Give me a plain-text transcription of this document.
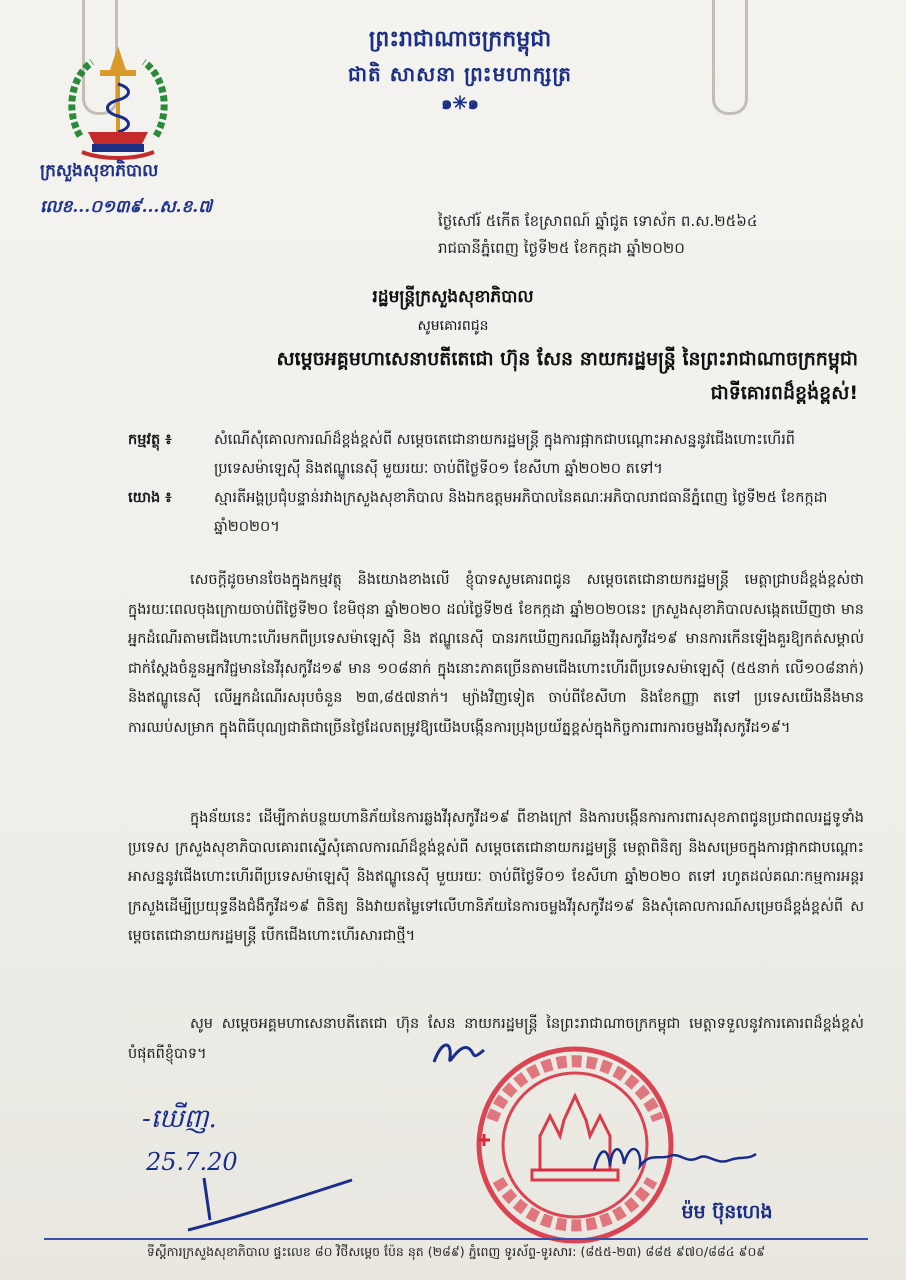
ក្រសួងសុខាភិបាល
លេខ...០១៣៩...ស.ខ.៧
ព្រះរាជាណាចក្រកម្ពុជា
ជាតិ សាសនា ព្រះមហាក្សត្រ
๑✳๑
ថ្ងៃសៅរ៍ ៥កើត ខែស្រាពណ៍ ឆ្នាំជូត ទោស័ក ព.ស.២៥៦៤
រាជធានីភ្នំពេញ ថ្ងៃទី២៥ ខែកក្កដា ឆ្នាំ២០២០
រដ្ឋមន្ត្រីក្រសួងសុខាភិបាល
សូមគោរពជូន
សម្តេចអគ្គមហាសេនាបតីតេជោ ហ៊ុន សែន នាយករដ្ឋមន្ត្រី នៃព្រះរាជាណាចក្រកម្ពុជា
ជាទីគោរពដ៏ខ្ពង់ខ្ពស់!
កម្មវត្ថុ ៖	សំណើសុំគោលការណ៍ដ៏ខ្ពង់ខ្ពស់ពី សម្តេចតេជោនាយករដ្ឋមន្ត្រី ក្នុងការផ្អាកជាបណ្តោះអាសន្ននូវជើងហោះហើរពីប្រទេសម៉ាឡេស៊ី និងឥណ្ឌូនេស៊ី មួយរយៈ ចាប់ពីថ្ងៃទី០១ ខែសីហា ឆ្នាំ២០២០ តទៅ។
យោង ៖	ស្មារតីអង្គប្រជុំបន្ទាន់រវាងក្រសួងសុខាភិបាល និងឯកឧត្តមអភិបាលនៃគណៈអភិបាលរាជធានីភ្នំពេញ ថ្ងៃទី២៥ ខែកក្កដា ឆ្នាំ២០២០។
សេចក្តីដូចមានចែងក្នុងកម្មវត្ថុ និងយោងខាងលើ ខ្ញុំបាទសូមគោរពជូន សម្តេចតេជោនាយករដ្ឋមន្ត្រី មេត្តាជ្រាបដ៏ខ្ពង់ខ្ពស់ថា ក្នុងរយៈពេលចុងក្រោយចាប់ពីថ្ងៃទី២០ ខែមិថុនា ឆ្នាំ២០២០ ដល់ថ្ងៃទី២៥ ខែកក្កដា ឆ្នាំ២០២០នេះ ក្រសួងសុខាភិបាលសង្កេតឃើញថា មានអ្នកដំណើរតាមជើងហោះហើរមកពីប្រទេសម៉ាឡេស៊ី និង ឥណ្ឌូនេស៊ី បានរកឃើញករណីឆ្លងវីរុសកូវីដ១៩ មានការកើនឡើងគួរឱ្យកត់សម្គាល់ ជាក់ស្តែងចំនួនអ្នកវិជ្ជមាននៃវីរុសកូវីដ១៩ មាន ១០៨នាក់ ក្នុងនោះភាគច្រើនតាមជើងហោះហើរពីប្រទេសម៉ាឡេស៊ី (៥៥នាក់ លើ១០៨នាក់) និងឥណ្ឌូនេស៊ី លើអ្នកដំណើរសរុបចំនួន ២៣,៨៥៧នាក់។ ម្យ៉ាងវិញទៀត ចាប់ពីខែសីហា និងខែកញ្ញា តទៅ ប្រទេសយើងនឹងមានការឈប់សម្រាក ក្នុងពិធីបុណ្យជាតិជាច្រើនថ្ងៃដែលតម្រូវឱ្យយើងបង្កើនការប្រុងប្រយ័ត្នខ្ពស់ក្នុងកិច្ចការពារការចម្លងវីរុសកូវីដ១៩។
ក្នុងន័យនេះ ដើម្បីកាត់បន្ថយហានិភ័យនៃការឆ្លងវីរុសកូវីដ១៩ ពីខាងក្រៅ និងការបង្កើនការការពារសុខភាពជូនប្រជាពលរដ្ឋទូទាំងប្រទេស ក្រសួងសុខាភិបាលគោរពស្នើសុំគោលការណ៍ដ៏ខ្ពង់ខ្ពស់ពី សម្តេចតេជោនាយករដ្ឋមន្ត្រី មេត្តាពិនិត្យ និងសម្រេចក្នុងការផ្អាកជាបណ្តោះអាសន្ននូវជើងហោះហើរពីប្រទេសម៉ាឡេស៊ី និងឥណ្ឌូនេស៊ី មួយរយៈ ចាប់ពីថ្ងៃទី០១ ខែសីហា ឆ្នាំ២០២០ តទៅ រហូតដល់គណៈកម្មការអន្តរក្រសួងដើម្បីប្រយុទ្ធនឹងជំងឺកូវីដ១៩ ពិនិត្យ និងវាយតម្លៃទៅលើហានិភ័យនៃការចម្លងវីរុសកូវីដ១៩ និងសុំគោលការណ៍សម្រេចដ៏ខ្ពង់ខ្ពស់ពី សម្តេចតេជោនាយករដ្ឋមន្ត្រី បើកជើងហោះហើរសារជាថ្មី។
សូម សម្តេចអគ្គមហាសេនាបតីតេជោ ហ៊ុន សែន នាយករដ្ឋមន្ត្រី នៃព្រះរាជាណាចក្រកម្ពុជា មេត្តាទទួលនូវការគោរពដ៏ខ្ពង់ខ្ពស់បំផុតពីខ្ញុំបាទ។
-ឃើញ.
25.7.20
ម៉ម ប៊ុនហេង
ទីស្តីការក្រសួងសុខាភិបាល ផ្ទះលេខ ៨០ វិថីសម្តេច ប៉ែន នុត (២៨៩) ភ្នំពេញ ទូរស័ព្ទ-ទូរសារ: (៨៥៥-២៣) ៨៨៥ ៩៧០/៨៨៤ ៩០៩
